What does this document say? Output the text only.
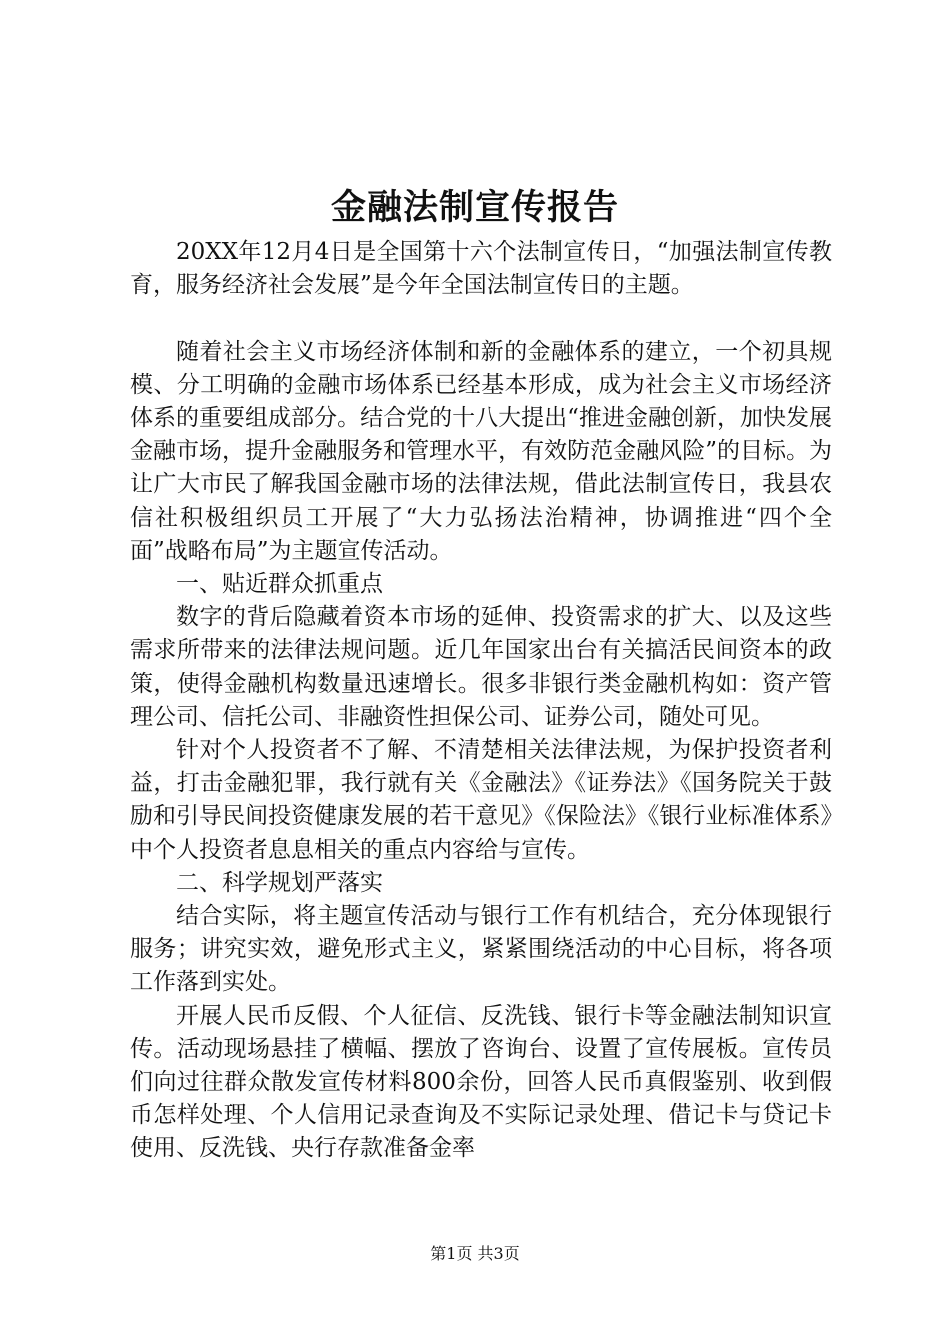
金融法制宣传报告

20XX年12月4日是全国第十六个法制宣传日，“加强法制宣传教育，服务经济社会发展”是今年全国法制宣传日的主题。

随着社会主义市场经济体制和新的金融体系的建立，一个初具规模、分工明确的金融市场体系已经基本形成，成为社会主义市场经济体系的重要组成部分。结合党的十八大提出“推进金融创新，加快发展金融市场，提升金融服务和管理水平，有效防范金融风险”的目标。为让广大市民了解我国金融市场的法律法规，借此法制宣传日，我县农信社积极组织员工开展了“大力弘扬法治精神，协调推进“四个全面”战略布局”为主题宣传活动。

一、贴近群众抓重点

数字的背后隐藏着资本市场的延伸、投资需求的扩大、以及这些需求所带来的法律法规问题。近几年国家出台有关搞活民间资本的政策，使得金融机构数量迅速增长。很多非银行类金融机构如：资产管理公司、信托公司、非融资性担保公司、证券公司，随处可见。

针对个人投资者不了解、不清楚相关法律法规，为保护投资者利益，打击金融犯罪，我行就有关《金融法》《证券法》《国务院关于鼓励和引导民间投资健康发展的若干意见》《保险法》《银行业标准体系》中个人投资者息息相关的重点内容给与宣传。

二、科学规划严落实

结合实际，将主题宣传活动与银行工作有机结合，充分体现银行服务；讲究实效，避免形式主义，紧紧围绕活动的中心目标，将各项工作落到实处。

开展人民币反假、个人征信、反洗钱、银行卡等金融法制知识宣传。活动现场悬挂了横幅、摆放了咨询台、设置了宣传展板。宣传员们向过往群众散发宣传材料800余份，回答人民币真假鉴别、收到假币怎样处理、个人信用记录查询及不实际记录处理、借记卡与贷记卡使用、反洗钱、央行存款准备金率

第1页 共3页
